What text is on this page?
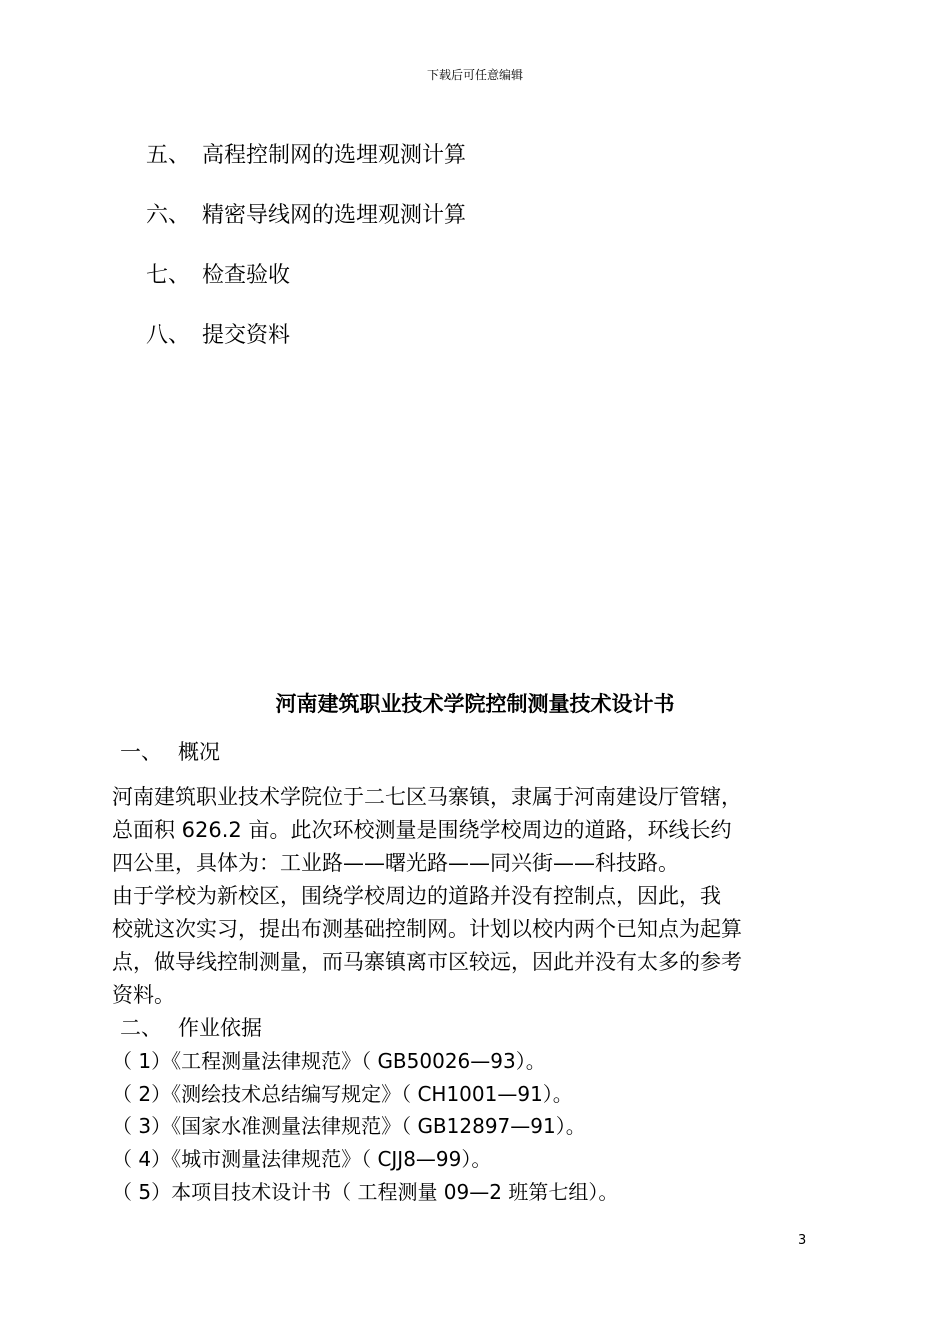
下载后可任意编辑
五、 高程控制网的选埋观测计算
六、 精密导线网的选埋观测计算
七、 检查验收
八、 提交资料
河南建筑职业技术学院控制测量技术设计书
一、 概况
河南建筑职业技术学院位于二七区马寨镇，隶属于河南建设厅管辖，
总面积 626.2 亩。此次环校测量是围绕学校周边的道路，环线长约
四公里，具体为：工业路——曙光路——同兴街——科技路。
由于学校为新校区，围绕学校周边的道路并没有控制点，因此，我
校就这次实习，提出布测基础控制网。计划以校内两个已知点为起算
点，做导线控制测量，而马寨镇离市区较远，因此并没有太多的参考
资料。
二、 作业依据
（ 1）《工程测量法律规范》（ GB50026—93）。
（ 2）《测绘技术总结编写规定》（ CH1001—91）。
（ 3）《国家水准测量法律规范》（ GB12897—91）。
（ 4）《城市测量法律规范》（ CJJ8—99）。
（ 5）本项目技术设计书（ 工程测量 09—2 班第七组）。
3
